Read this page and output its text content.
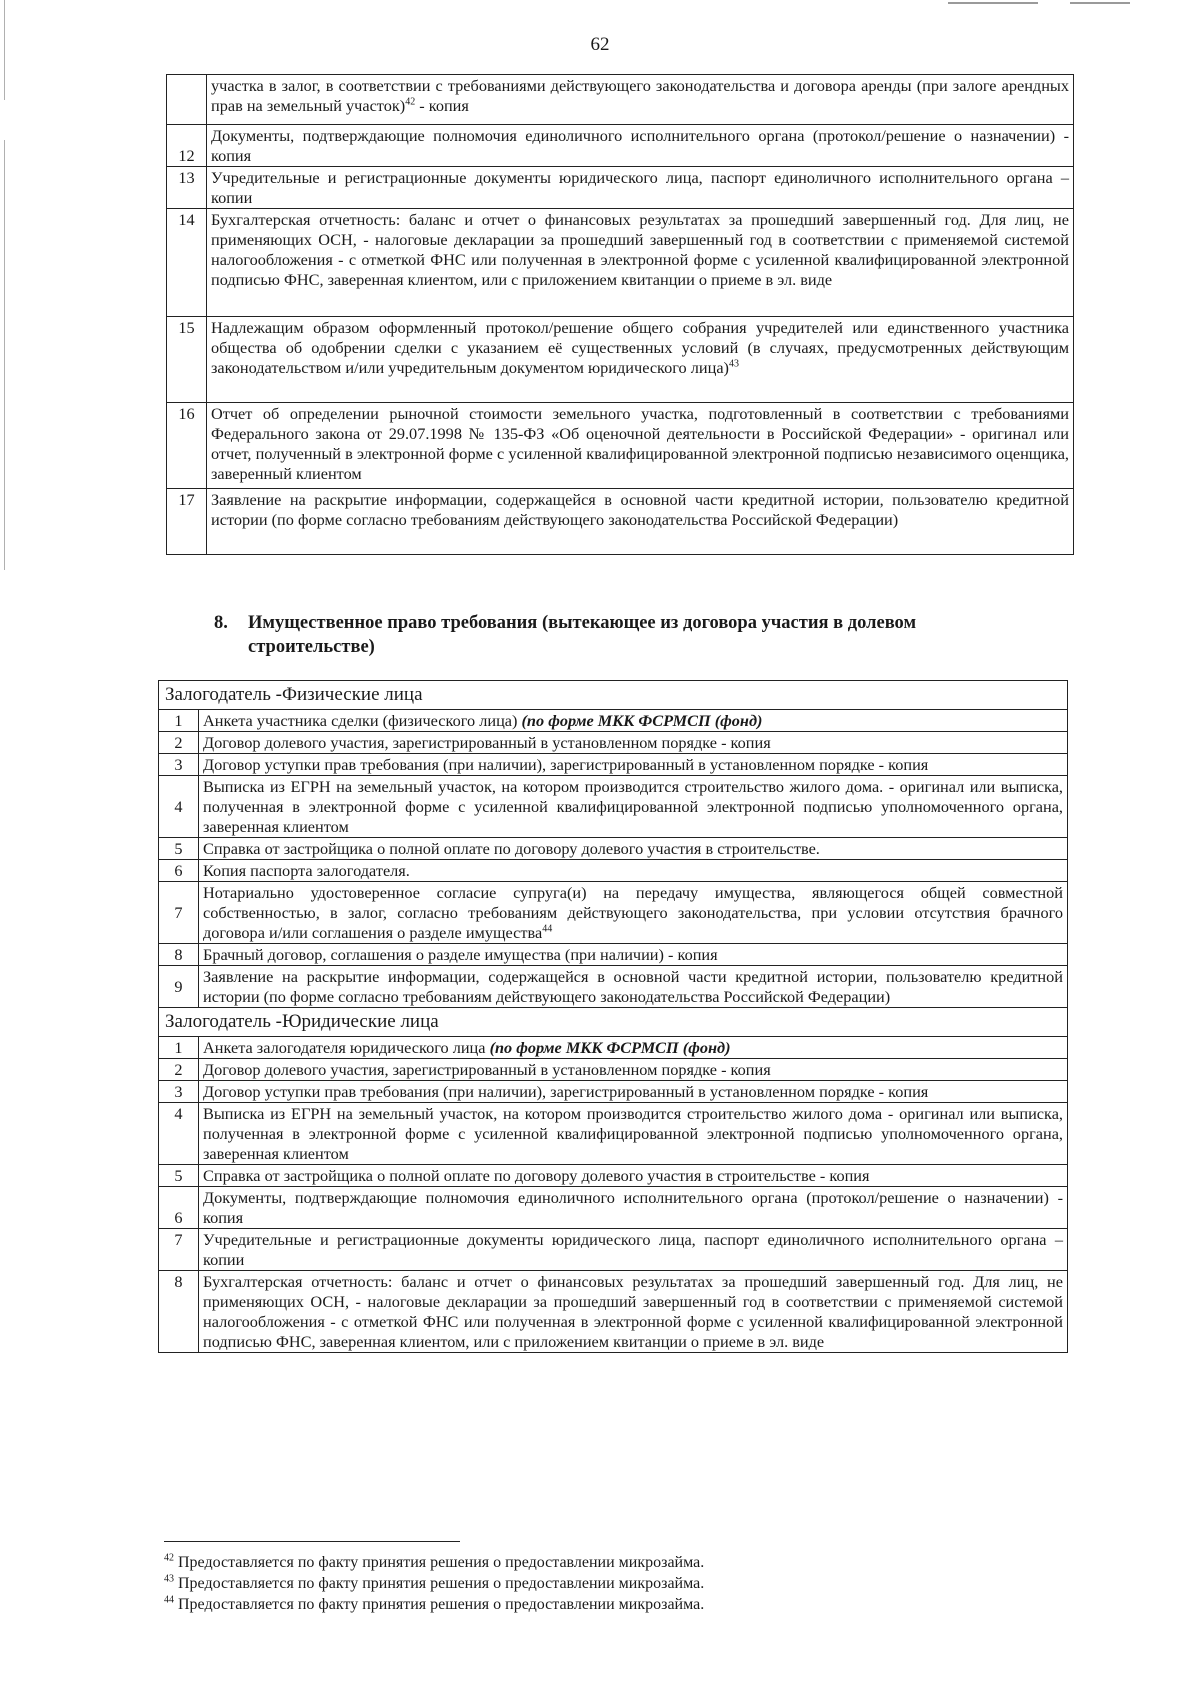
62
	участка в залог, в соответствии с требованиями действующего законодательства и договора аренды (при залоге арендных прав на земельный участок)$^{42}$ - копия
12	Документы, подтверждающие полномочия единоличного исполнительного органа (протокол/решение о назначении) - копия
13	Учредительные и регистрационные документы юридического лица, паспорт единоличного исполнительного органа – копии
14	Бухгалтерская отчетность: баланс и отчет о финансовых результатах за прошедший завершенный год. Для лиц, не применяющих ОСН, - налоговые декларации за прошедший завершенный год в соответствии с применяемой системой налогообложения - с отметкой ФНС или полученная в электронной форме с усиленной квалифицированной электронной подписью ФНС, заверенная клиентом, или с приложением квитанции о приеме в эл. виде
15	Надлежащим образом оформленный протокол/решение общего собрания учредителей или единственного участника общества об одобрении сделки с указанием её существенных условий (в случаях, предусмотренных действующим законодательством и/или учредительным документом юридического лица)$^{43}$
16	Отчет об определении рыночной стоимости земельного участка, подготовленный в соответствии с требованиями Федерального закона от 29.07.1998 № 135-ФЗ «Об оценочной деятельности в Российской Федерации» - оригинал или отчет, полученный в электронной форме с усиленной квалифицированной электронной подписью независимого оценщика, заверенный клиентом
17	Заявление на раскрытие информации, содержащейся в основной части кредитной истории, пользователю кредитной истории (по форме согласно требованиям действующего законодательства Российской Федерации)
8. Имущественное право требования (вытекающее из договора участия в долевом
строительстве)
Залогодатель -Физические лица	
1	Анкета участника сделки (физического лица) (по форме МКК ФСРМСП (фонд)
2	Договор долевого участия, зарегистрированный в установленном порядке - копия
3	Договор уступки прав требования (при наличии), зарегистрированный в установленном порядке - копия
4	Выписка из ЕГРН на земельный участок, на котором производится строительство жилого дома. - оригинал или выписка, полученная в электронной форме с усиленной квалифицированной электронной подписью уполномоченного органа, заверенная клиентом
5	Справка от застройщика о полной оплате по договору долевого участия в строительстве.
6	Копия паспорта залогодателя.
7	Нотариально удостоверенное согласие супруга(и) на передачу имущества, являющегося общей совместной собственностью, в залог, согласно требованиям действующего законодательства, при условии отсутствия брачного договора и/или соглашения о разделе имущества$^{44}$
8	Брачный договор, соглашения о разделе имущества (при наличии) - копия
9	Заявление на раскрытие информации, содержащейся в основной части кредитной истории, пользователю кредитной истории (по форме согласно требованиям действующего законодательства Российской Федерации)
Залогодатель -Юридические лица	
1	Анкета залогодателя юридического лица (по форме МКК ФСРМСП (фонд)
2	Договор долевого участия, зарегистрированный в установленном порядке - копия
3	Договор уступки прав требования (при наличии), зарегистрированный в установленном порядке - копия
4	Выписка из ЕГРН на земельный участок, на котором производится строительство жилого дома - оригинал или выписка, полученная в электронной форме с усиленной квалифицированной электронной подписью уполномоченного органа, заверенная клиентом
5	Справка от застройщика о полной оплате по договору долевого участия в строительстве - копия
6	Документы, подтверждающие полномочия единоличного исполнительного органа (протокол/решение о назначении) - копия
7	Учредительные и регистрационные документы юридического лица, паспорт единоличного исполнительного органа – копии
8	Бухгалтерская отчетность: баланс и отчет о финансовых результатах за прошедший завершенный год. Для лиц, не применяющих ОСН, - налоговые декларации за прошедший завершенный год в соответствии с применяемой системой налогообложения - с отметкой ФНС или полученная в электронной форме с усиленной квалифицированной электронной подписью ФНС, заверенная клиентом, или с приложением квитанции о приеме в эл. виде
$^{42}$ Предоставляется по факту принятия решения о предоставлении микрозайма.
$^{43}$ Предоставляется по факту принятия решения о предоставлении микрозайма.
$^{44}$ Предоставляется по факту принятия решения о предоставлении микрозайма.
